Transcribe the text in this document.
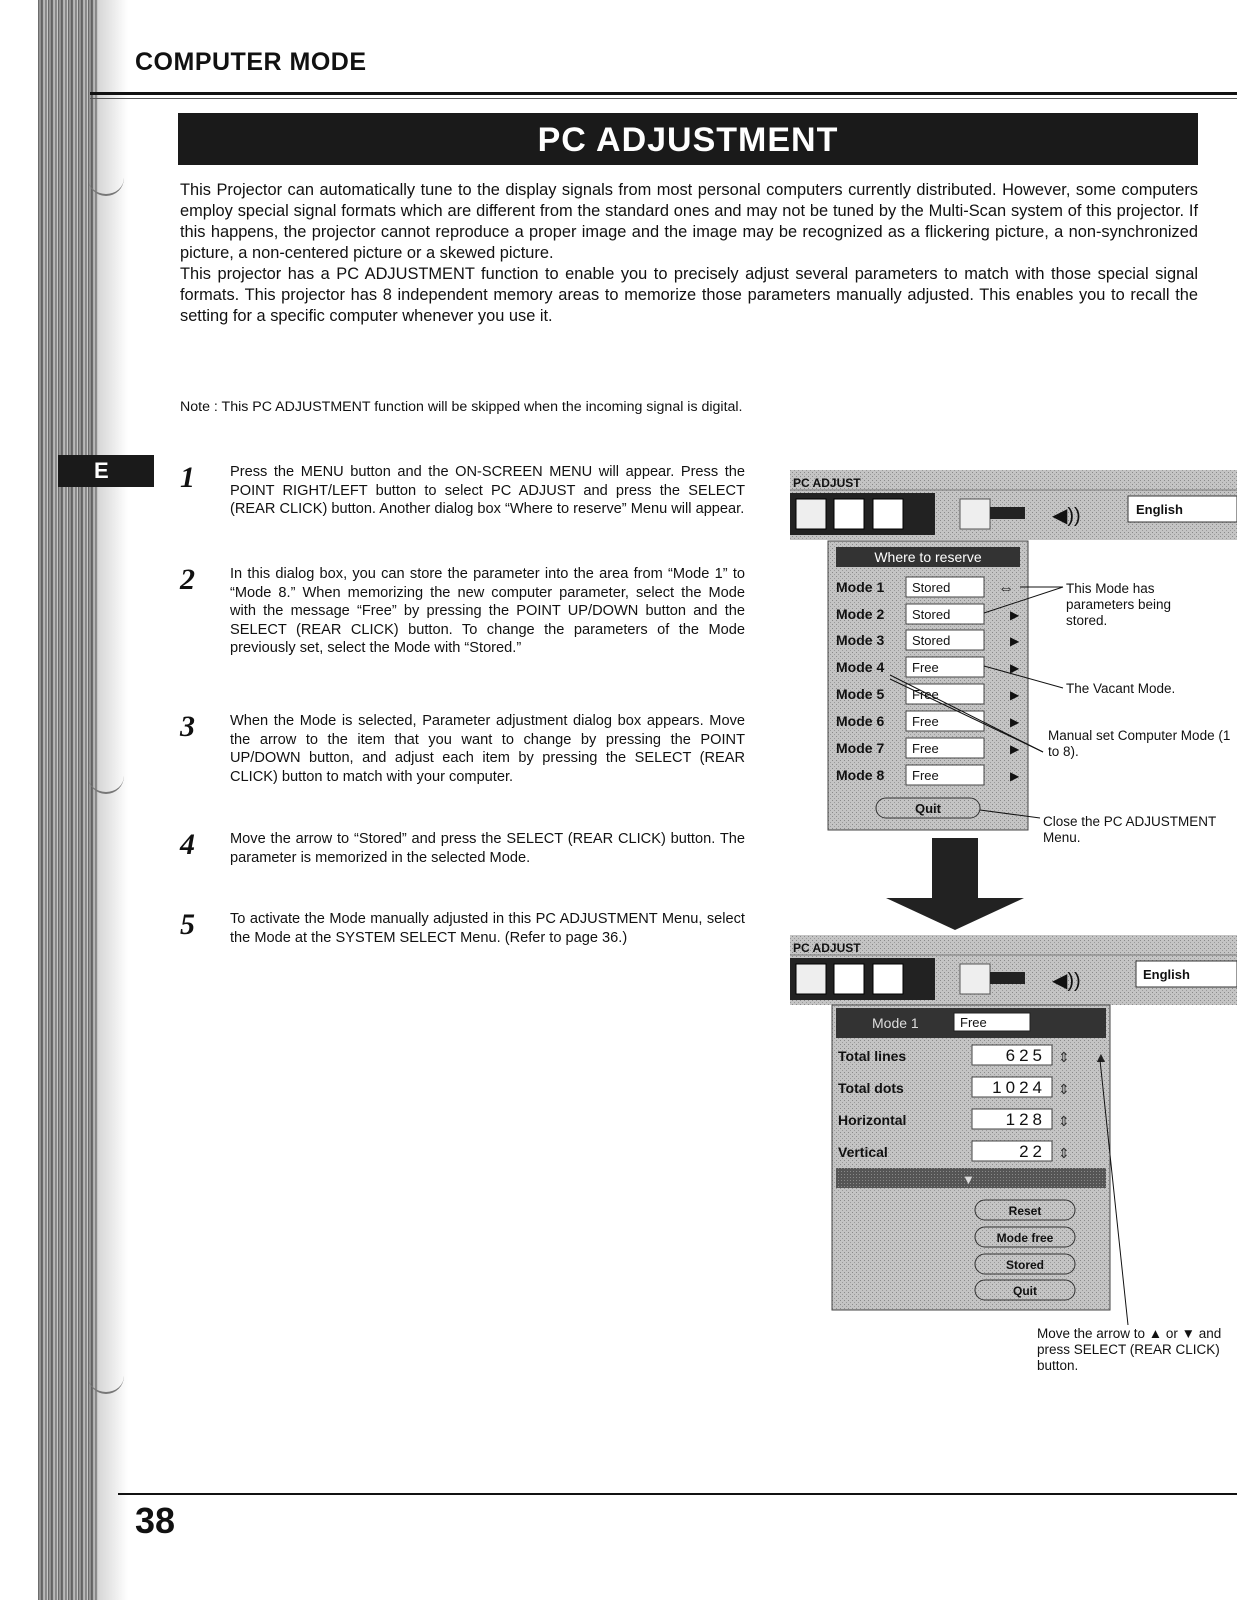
COMPUTER MODE
PC ADJUSTMENT

This Projector can automatically tune to the display signals from most personal computers currently distributed. However, some computers employ special signal formats which are different from the standard ones and may not be tuned by the Multi-Scan system of this projector. If this happens, the projector cannot reproduce a proper image and the image may be recognized as a flickering picture, a non-synchronized picture, a non-centered picture or a skewed picture.

This projector has a PC ADJUSTMENT function to enable you to precisely adjust several parameters to match with those special signal formats. This projector has 8 independent memory areas to memorize those parameters manually adjusted. This enables you to recall the setting for a specific computer whenever you use it.

Note : This PC ADJUSTMENT function will be skipped when the incoming signal is digital.
E 1 Press the MENU button and the ON-SCREEN MENU will appear. Press the POINT RIGHT/LEFT button to select PC ADJUST and press the SELECT (REAR CLICK) button. Another dialog box “Where to reserve” Menu will appear.
2 In this dialog box, you can store the parameter into the area from “Mode 1” to “Mode 8.” When memorizing the new computer parameter, select the Mode with the message “Free” by pressing the POINT UP/DOWN button and the SELECT (REAR CLICK) button. To change the parameters of the Mode previously set, select the Mode with “Stored.”
3 When the Mode is selected, Parameter adjustment dialog box appears. Move the arrow to the item that you want to change by pressing the POINT UP/DOWN button, and adjust each item by pressing the SELECT (REAR CLICK) button to match with your computer.
4 Move the arrow to “Stored” and press the SELECT (REAR CLICK) button. The parameter is memorized in the selected Mode.
5 To activate the Mode manually adjusted in this PC ADJUSTMENT Menu, select the Mode at the SYSTEM SELECT Menu. (Refer to page 36.)
PC ADJUST
◀))	English
Where to reserve
Mode 1 Stored	⇔
Mode 2 Stored	▶
Mode 3 Stored	▶
Mode 4 Free	▶
Mode 5 Free	▶
Mode 6 Free	▶
Mode 7 Free	▶
Mode 8 Free	▶
Quit
PC ADJUST
◀))	English
Mode 1	Free
Total lines	625 ⇕
Total dots	1024 ⇕
Horizontal	128 ⇕
Vertical	22 ⇕
▲
▼
Reset
Mode free
Stored
Quit
This Mode has parameters being stored.
The Vacant Mode.
Manual set Computer Mode (1 to 8).
Close the PC ADJUSTMENT Menu.
Move the arrow to ▲ or ▼ and press SELECT (REAR CLICK) button.
38
